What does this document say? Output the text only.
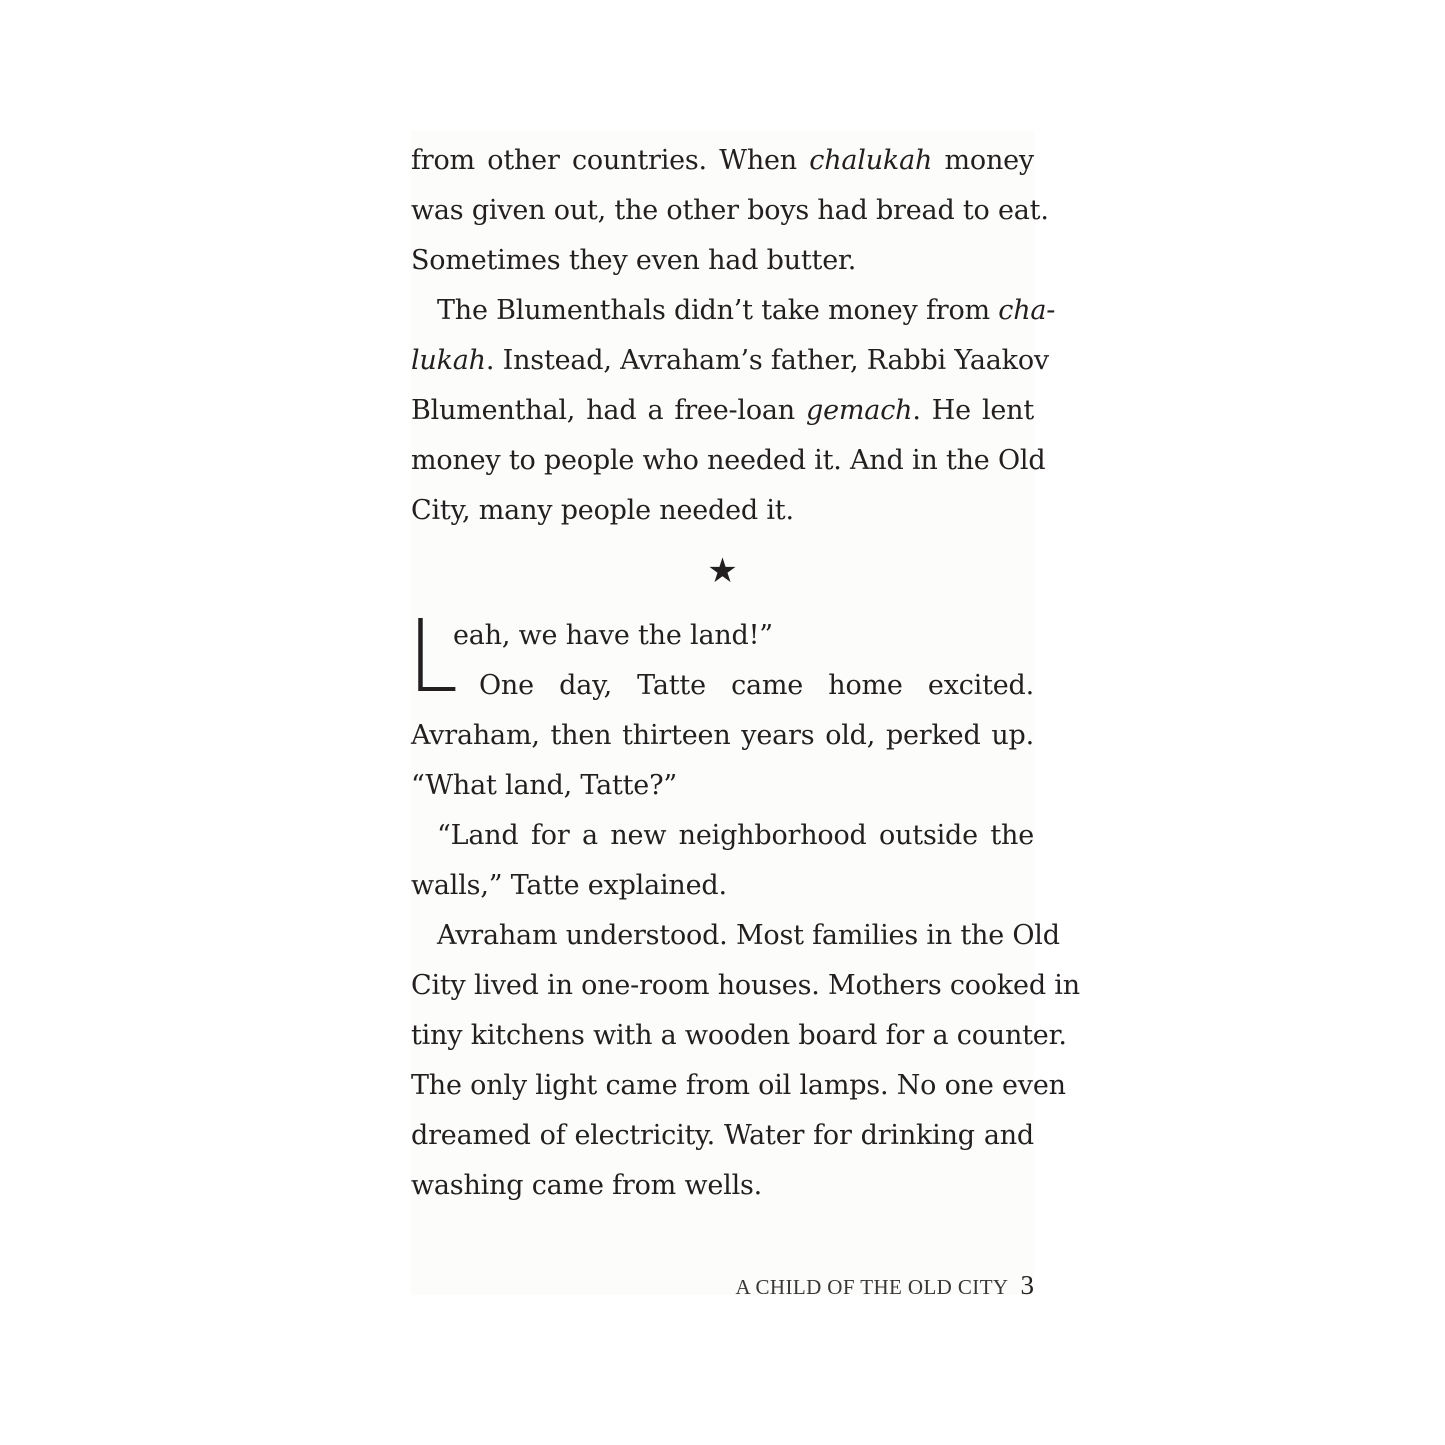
from other countries. When chalukah money
was given out, the other boys had bread to eat.
Sometimes they even had butter.
The Blumenthals didn’t take money from cha-
lukah. Instead, Avraham’s father, Rabbi Yaakov
Blumenthal, had a free-loan gemach. He lent
money to people who needed it. And in the Old
City, many people needed it.
★
L
eah, we have the land!”
One day, Tatte came home excited.
Avraham, then thirteen years old, perked up.
“What land, Tatte?”
“Land for a new neighborhood outside the
walls,” Tatte explained.
Avraham understood. Most families in the Old
City lived in one-room houses. Mothers cooked in
tiny kitchens with a wooden board for a counter.
The only light came from oil lamps. No one even
dreamed of electricity. Water for drinking and
washing came from wells.
A CHILD OF THE OLD CITY 3
